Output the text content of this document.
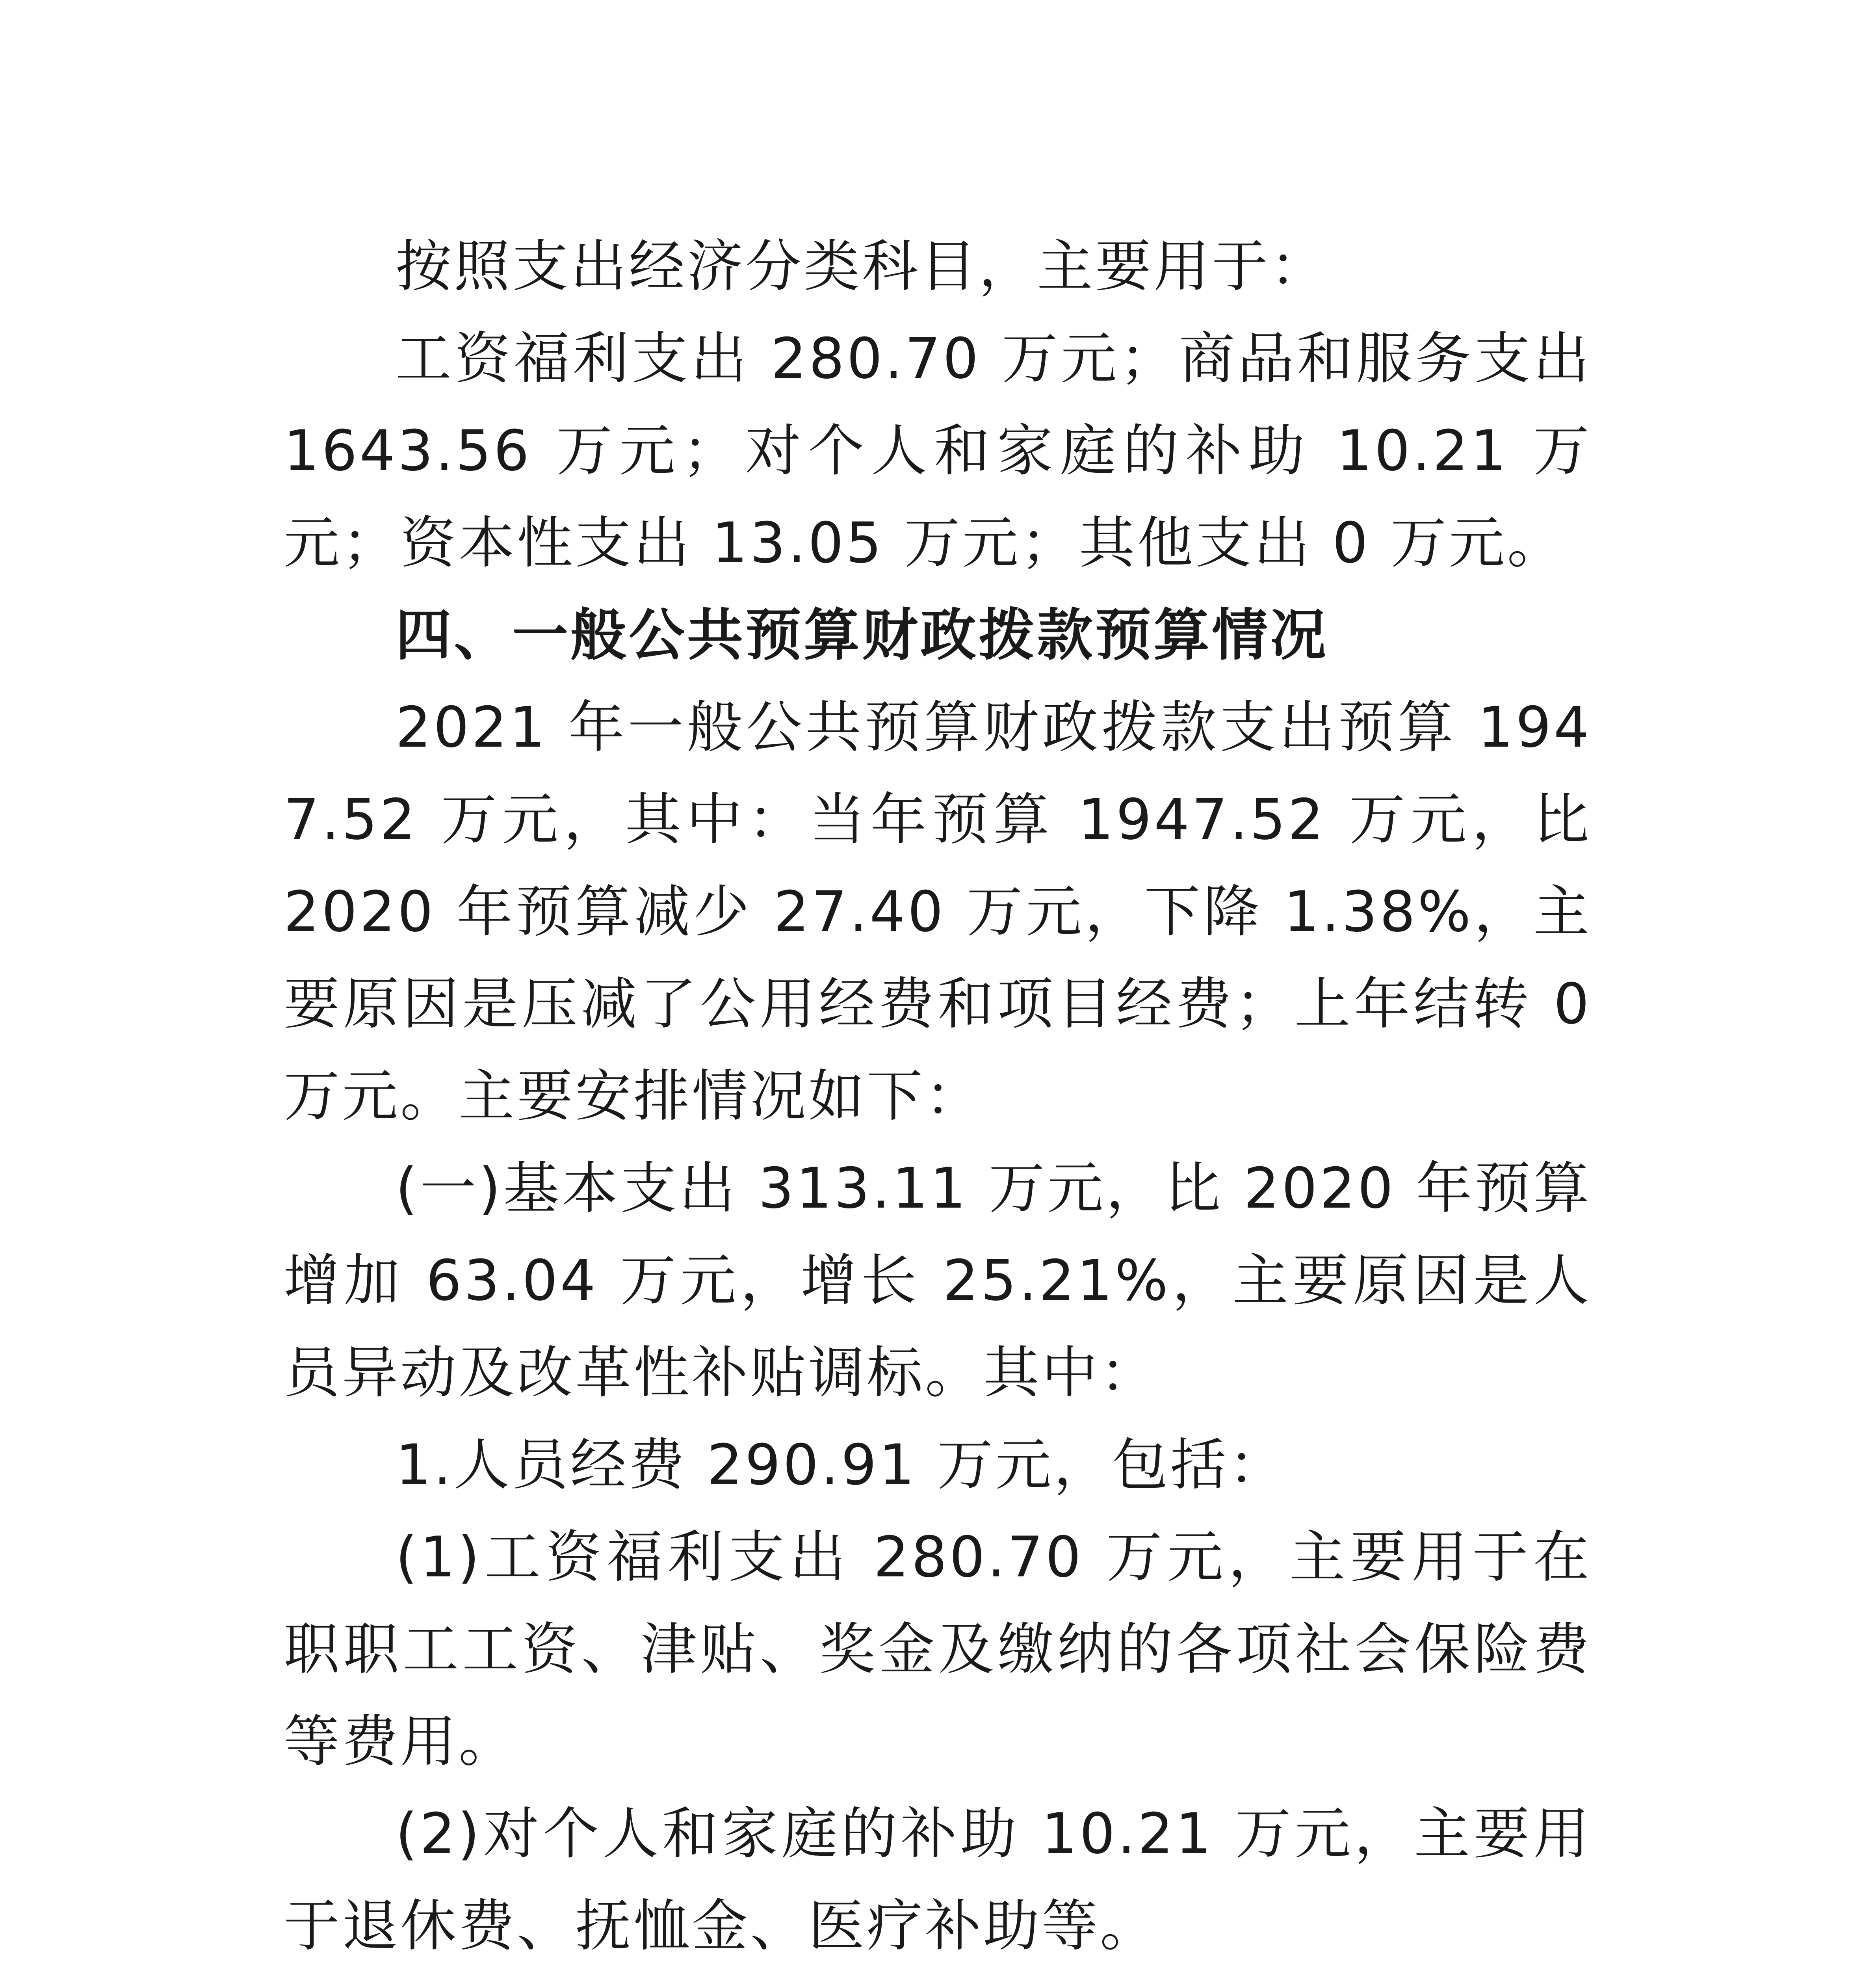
按照支出经济分类科目，主要用于：

工资福利支出 280.70 万元；商品和服务支出 1643.56 万元；对个人和家庭的补助 10.21 万元；资本性支出 13.05 万元；其他支出 0 万元。

四、一般公共预算财政拨款预算情况

2021 年一般公共预算财政拨款支出预算 1947.52 万元，其中：当年预算 1947.52 万元，比 2020 年预算减少 27.40 万元，下降 1.38%，主要原因是压减了公用经费和项目经费；上年结转 0 万元。主要安排情况如下：

(一)基本支出 313.11 万元，比 2020 年预算增加 63.04 万元，增长 25.21%，主要原因是人员异动及改革性补贴调标。其中：

1.人员经费 290.91 万元，包括：

(1)工资福利支出 280.70 万元，主要用于在职职工工资、津贴、奖金及缴纳的各项社会保险费等费用。

(2)对个人和家庭的补助 10.21 万元，主要用于退休费、抚恤金、医疗补助等。
